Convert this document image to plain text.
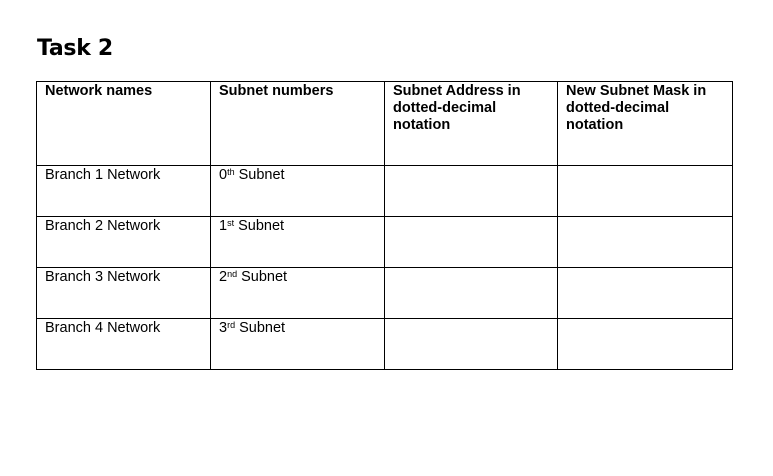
Task 2
Network names	Subnet numbers	Subnet Address in dotted-decimal notation	New Subnet Mask in dotted-decimal notation
Branch 1 Network	0th Subnet		
Branch 2 Network	1st Subnet		
Branch 3 Network	2nd Subnet		
Branch 4 Network	3rd Subnet		
